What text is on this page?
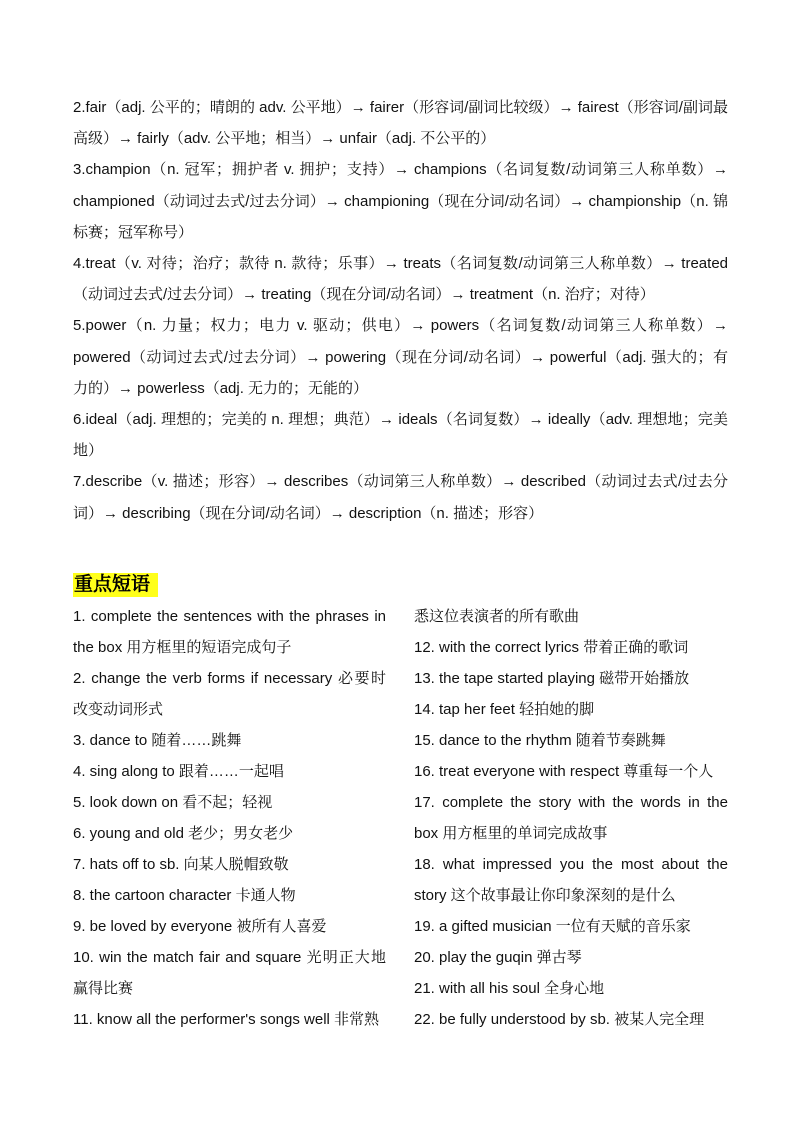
2.fair（adj. 公平的；晴朗的 adv. 公平地）→ fairer（形容词/副词比较级）→ fairest（形容词/副词最高级）→ fairly（adv. 公平地；相当）→ unfair（adj. 不公平的）

3.champion（n. 冠军；拥护者 v. 拥护；支持）→ champions（名词复数/动词第三人称单数）→ championed（动词过去式/过去分词）→ championing（现在分词/动名词）→ championship（n. 锦标赛；冠军称号）

4.treat（v. 对待；治疗；款待 n. 款待；乐事）→ treats（名词复数/动词第三人称单数）→ treated（动词过去式/过去分词）→ treating（现在分词/动名词）→ treatment（n. 治疗；对待）

5.power（n. 力量；权力；电力 v. 驱动；供电）→ powers（名词复数/动词第三人称单数）→ powered（动词过去式/过去分词）→ powering（现在分词/动名词）→ powerful（adj. 强大的；有力的）→ powerless（adj. 无力的；无能的）

6.ideal（adj. 理想的；完美的 n. 理想；典范）→ ideals（名词复数）→ ideally（adv. 理想地；完美地）

7.describe（v. 描述；形容）→ describes（动词第三人称单数）→ described（动词过去式/过去分词）→ describing（现在分词/动名词）→ description（n. 描述；形容）

重点短语

1. complete the sentences with the phrases in the box 用方框里的短语完成句子

2. change the verb forms if necessary 必要时改变动词形式

3. dance to 随着……跳舞

4. sing along to 跟着……一起唱

5. look down on 看不起；轻视

6. young and old 老少；男女老少

7. hats off to sb. 向某人脱帽致敬

8. the cartoon character 卡通人物

9. be loved by everyone 被所有人喜爱

10. win the match fair and square 光明正大地赢得比赛

11. know all the performer's songs well 非常熟

悉这位表演者的所有歌曲

12. with the correct lyrics 带着正确的歌词

13. the tape started playing 磁带开始播放

14. tap her feet 轻拍她的脚

15. dance to the rhythm 随着节奏跳舞

16. treat everyone with respect 尊重每一个人

17. complete the story with the words in the box 用方框里的单词完成故事

18. what impressed you the most about the story 这个故事最让你印象深刻的是什么

19. a gifted musician 一位有天赋的音乐家

20. play the guqin 弹古琴

21. with all his soul 全身心地

22. be fully understood by sb. 被某人完全理
